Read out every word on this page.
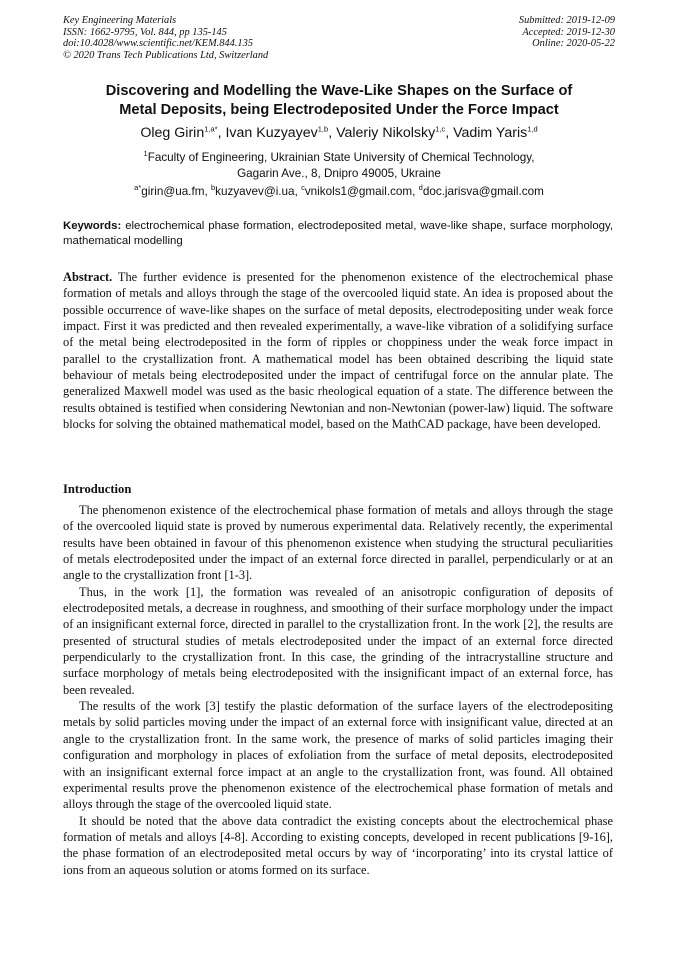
Key Engineering Materials
ISSN: 1662-9795, Vol. 844, pp 135-145
doi:10.4028/www.scientific.net/KEM.844.135
© 2020 Trans Tech Publications Ltd, Switzerland
Submitted: 2019-12-09
Accepted: 2019-12-30
Online: 2020-05-22
Discovering and Modelling the Wave-Like Shapes on the Surface of
Metal Deposits, being Electrodeposited Under the Force Impact
Oleg Girin$^{1,a*}$, Ivan Kuzyayev$^{1,b}$, Valeriy Nikolsky$^{1,c}$, Vadim Yaris$^{1,d}$
$^1$Faculty of Engineering, Ukrainian State University of Chemical Technology,
Gagarin Ave., 8, Dnipro 49005, Ukraine
$^{a*}$girin@ua.fm, $^b$kuzyavev@i.ua, $^c$vnikols1@gmail.com, $^d$doc.jarisva@gmail.com
Keywords: electrochemical phase formation, electrodeposited metal, wave-like shape, surface morphology, mathematical modelling
Abstract. The further evidence is presented for the phenomenon existence of the electrochemical phase formation of metals and alloys through the stage of the overcooled liquid state. An idea is proposed about the possible occurrence of wave-like shapes on the surface of metal deposits, electrodepositing under weak force impact. First it was predicted and then revealed experimentally, a wave-like vibration of a solidifying surface of the metal being electrodeposited in the form of ripples or choppiness under the weak force impact in parallel to the crystallization front. A mathematical model has been obtained describing the liquid state behaviour of metals being electrodeposited under the impact of centrifugal force on the annular plate. The generalized Maxwell model was used as the basic rheological equation of a state. The difference between the results obtained is testified when considering Newtonian and non-Newtonian (power-law) liquid. The software blocks for solving the obtained mathematical model, based on the MathCAD package, have been developed.
Introduction

The phenomenon existence of the electrochemical phase formation of metals and alloys through the stage of the overcooled liquid state is proved by numerous experimental data. Relatively recently, the experimental results have been obtained in favour of this phenomenon existence when studying the structural peculiarities of metals electrodeposited under the impact of an external force directed in parallel, perpendicularly or at an angle to the crystallization front [1-3].

Thus, in the work [1], the formation was revealed of an anisotropic configuration of deposits of electrodeposited metals, a decrease in roughness, and smoothing of their surface morphology under the impact of an insignificant external force, directed in parallel to the crystallization front. In the work [2], the results are presented of structural studies of metals electrodeposited under the impact of an external force directed perpendicularly to the crystallization front. In this case, the grinding of the intracrystalline structure and surface morphology of metals being electrodeposited with the insignificant impact of an external force, has been revealed.

The results of the work [3] testify the plastic deformation of the surface layers of the electrodepositing metals by solid particles moving under the impact of an external force with insignificant value, directed at an angle to the crystallization front. In the same work, the presence of marks of solid particles imaging their configuration and morphology in places of exfoliation from the surface of metal deposits, electrodeposited with an insignificant external force impact at an angle to the crystallization front, was found. All obtained experimental results prove the phenomenon existence of the electrochemical phase formation of metals and alloys through the stage of the overcooled liquid state.

It should be noted that the above data contradict the existing concepts about the electrochemical phase formation of metals and alloys [4-8]. According to existing concepts, developed in recent publications [9-16], the phase formation of an electrodeposited metal occurs by way of ‘incorporating’ into its crystal lattice of ions from an aqueous solution or atoms formed on its surface.
